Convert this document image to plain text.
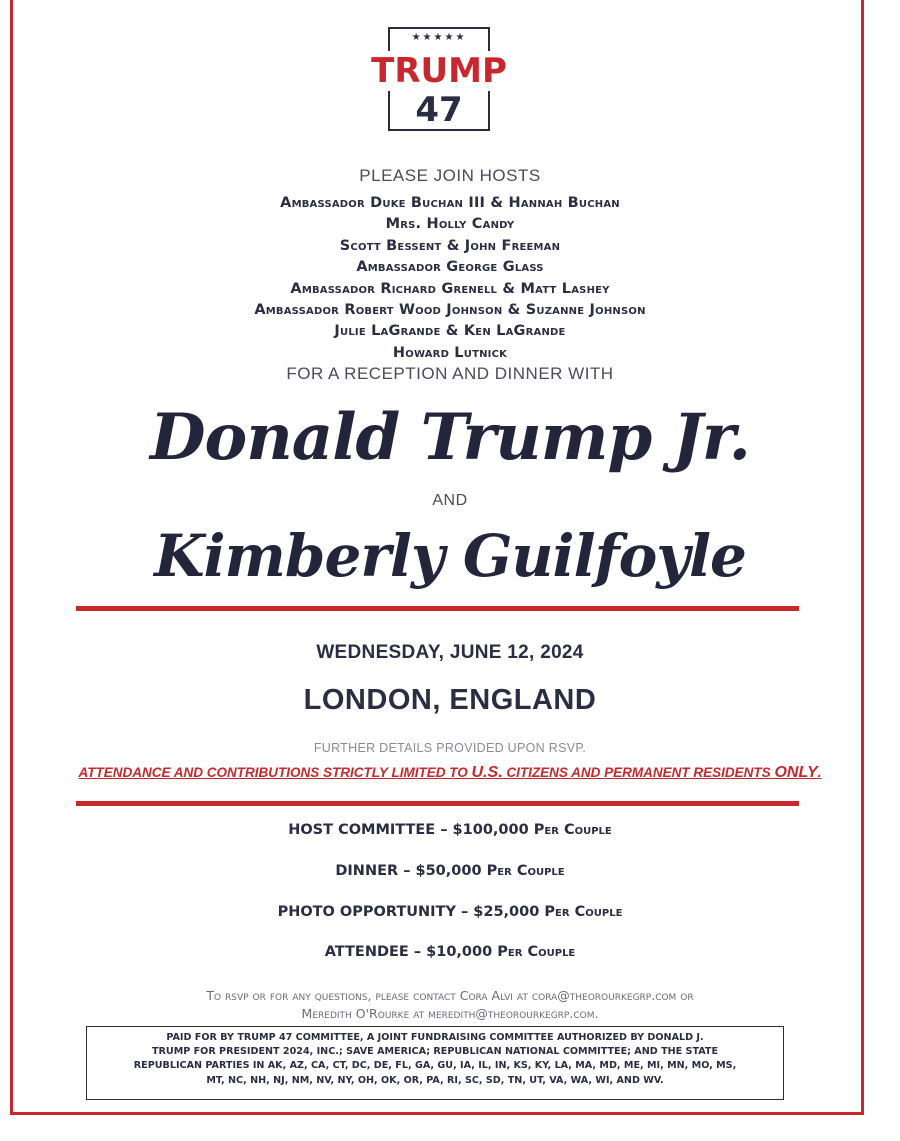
★★★★★
TRUMP
47
PLEASE JOIN HOSTS
Ambassador Duke Buchan III & Hannah Buchan
Mrs. Holly Candy
Scott Bessent & John Freeman
Ambassador George Glass
Ambassador Richard Grenell & Matt Lashey
Ambassador Robert Wood Johnson & Suzanne Johnson
Julie LaGrande & Ken LaGrande
Howard Lutnick
FOR A RECEPTION AND DINNER WITH
Donald Trump Jr.
AND
Kimberly Guilfoyle
WEDNESDAY, JUNE 12, 2024
LONDON, ENGLAND
FURTHER DETAILS PROVIDED UPON RSVP.
ATTENDANCE AND CONTRIBUTIONS STRICTLY LIMITED TO U.S. CITIZENS AND PERMANENT RESIDENTS ONLY.
HOST COMMITTEE – $100,000 Per Couple
DINNER – $50,000 Per Couple
PHOTO OPPORTUNITY – $25,000 Per Couple
ATTENDEE – $10,000 Per Couple
To rsvp or for any questions, please contact Cora Alvi at cora@theorourkegrp.com or
Meredith O'Rourke at meredith@theorourkegrp.com.
PAID FOR BY TRUMP 47 COMMITTEE, A JOINT FUNDRAISING COMMITTEE AUTHORIZED BY DONALD J.
TRUMP FOR PRESIDENT 2024, INC.; SAVE AMERICA; REPUBLICAN NATIONAL COMMITTEE; AND THE STATE
REPUBLICAN PARTIES IN AK, AZ, CA, CT, DC, DE, FL, GA, GU, IA, IL, IN, KS, KY, LA, MA, MD, ME, MI, MN, MO, MS,
MT, NC, NH, NJ, NM, NV, NY, OH, OK, OR, PA, RI, SC, SD, TN, UT, VA, WA, WI, AND WV.
